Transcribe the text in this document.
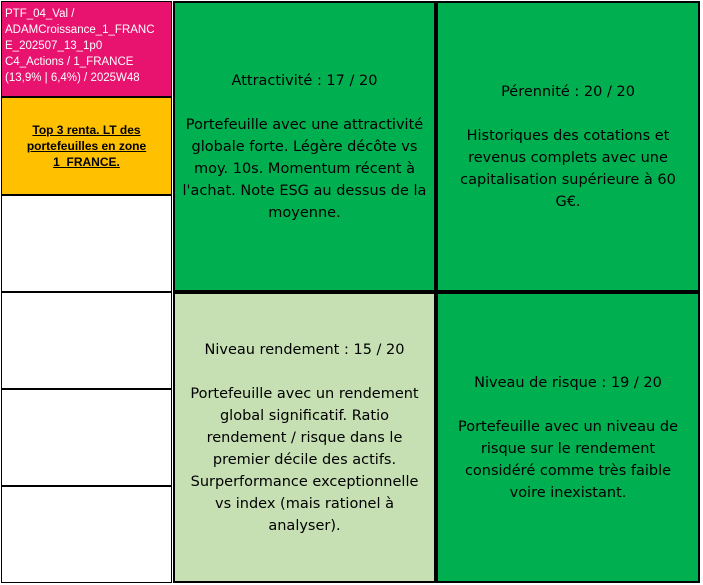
PTF_04_Val /
ADAMCroissance_1_FRANC
E_202507_13_1p0
C4_Actions / 1_FRANCE
(13,9% | 6,4%) / 2025W48
Top 3 renta. LT des portefeuilles en zone 1_FRANCE.
Attractivité : 17 / 20
Portefeuille avec une attractivité globale forte. Légère décôte vs moy. 10s. Momentum récent à l'achat. Note ESG au dessus de la moyenne.
Pérennité : 20 / 20
Historiques des cotations et revenus complets avec une capitalisation supérieure à 60 G€.
Niveau rendement : 15 / 20
Portefeuille avec un rendement global significatif. Ratio rendement / risque dans le premier décile des actifs. Surperformance exceptionnelle vs index (mais rationel à analyser).
Niveau de risque : 19 / 20
Portefeuille avec un niveau de risque sur le rendement considéré comme très faible voire inexistant.
